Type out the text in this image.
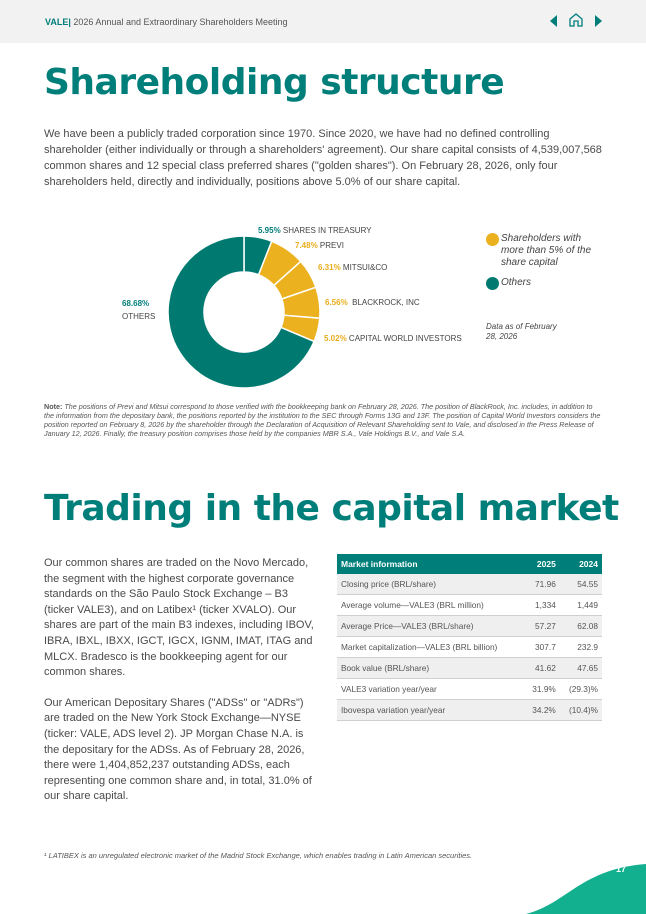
VALE| 2026 Annual and Extraordinary Shareholders Meeting
Shareholding structure

We have been a publicly traded corporation since 1970. Since 2020, we have had no defined controlling shareholder (either individually or through a shareholders' agreement). Our share capital consists of 4,539,007,568 common shares and 12 special class preferred shares ("golden shares"). On February 28, 2026, only four shareholders held, directly and individually, positions above 5.0% of our share capital.

5.95% SHARES IN TREASURY
7.48% PREVI
6.31% MITSUI&CO
6.56% BLACKROCK, INC
5.02% CAPITAL WORLD INVESTORS
68.68%
OTHERS
Shareholders with more than 5% of the share capital
Others
Data as of February 28, 2026

Note: The positions of Previ and Mitsui correspond to those verified with the bookkeeping bank on February 28, 2026. The position of BlackRock, Inc. includes, in addition to the information from the depositary bank, the positions reported by the institution to the SEC through Forms 13G and 13F. The position of Capital World Investors considers the position reported on February 8, 2026 by the shareholder through the Declaration of Acquisition of Relevant Shareholding sent to Vale, and disclosed in the Press Release of January 12, 2026. Finally, the treasury position comprises those held by the companies MBR S.A., Vale Holdings B.V., and Vale S.A.

Trading in the capital market

Our common shares are traded on the Novo Mercado, the segment with the highest corporate governance standards on the São Paulo Stock Exchange – B3 (ticker VALE3), and on Latibex¹ (ticker XVALO). Our shares are part of the main B3 indexes, including IBOV, IBRA, IBXL, IBXX, IGCT, IGCX, IGNM, IMAT, ITAG and MLCX. Bradesco is the bookkeeping agent for our common shares.

Our American Depositary Shares ("ADSs" or "ADRs") are traded on the New York Stock Exchange—NYSE (ticker: VALE, ADS level 2). JP Morgan Chase N.A. is the depositary for the ADSs. As of February 28, 2026, there were 1,404,852,237 outstanding ADSs, each representing one common share and, in total, 31.0% of our share capital.

Market information	2025	2024
Closing price (BRL/share)	71.96	54.55
Average volume—VALE3 (BRL million)	1,334	1,449
Average Price—VALE3 (BRL/share)	57.27	62.08
Market capitalization—VALE3 (BRL billion)	307.7	232.9
Book value (BRL/share)	41.62	47.65
VALE3 variation year/year	31.9%	(29.3)%
Ibovespa variation year/year	34.2%	(10.4)%

¹ LATIBEX is an unregulated electronic market of the Madrid Stock Exchange, which enables trading in Latin American securities.

17
